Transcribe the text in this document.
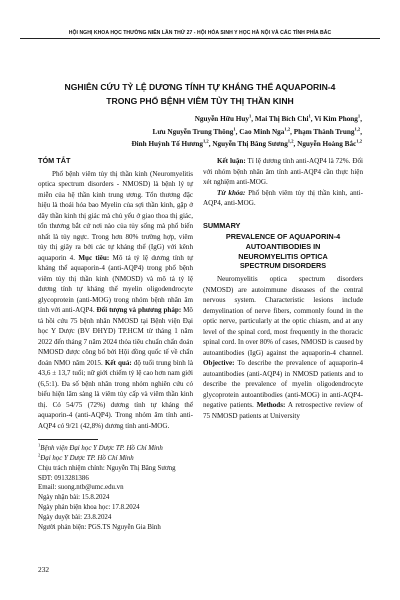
HỘI NGHỊ KHOA HỌC THƯỜNG NIÊN LẦN THỨ 27 - HỘI HÓA SINH Y HỌC HÀ NỘI VÀ CÁC TỈNH PHÍA BẮC
NGHIÊN CỨU TỶ LỆ DƯƠNG TÍNH TỰ KHÁNG THỂ AQUAPORIN-4
TRONG PHỔ BỆNH VIÊM TỦY THỊ THẦN KINH
Nguyễn Hữu Huy$^1$, Mai Thị Bích Chi$^1$, Vi Kim Phong$^1$,
Lưu Nguyễn Trung Thông$^1$, Cao Minh Nga$^{1,2}$, Phạm Thành Trung$^{1,2}$,
Đinh Huỳnh Tố Hương$^{1,2}$, Nguyễn Thị Băng Sương$^{1,2}$, Nguyễn Hoàng Bắc$^{1,2}$
TÓM TẮT

Phổ bệnh viêm tủy thị thần kinh (Neuromyelitis optica spectrum disorders - NMOSD) là bệnh lý tự miễn của hệ thần kinh trung ương. Tổn thương đặc hiệu là thoái hóa bao Myelin của sợi thần kinh, gặp ở dây thần kinh thị giác mà chủ yếu ở giao thoa thị giác, tổn thương bắt cứ nơi nào của tủy sống mà phổ biến nhất là tủy ngực. Trong hơn 80% trường hợp, viêm tủy thị giây ra bởi các tự kháng thể (IgG) với kênh aquaporin 4. Mục tiêu: Mô tả tỷ lệ dương tính tự kháng thể aquaporin-4 (anti-AQP4) trong phổ bệnh viêm tủy thị thần kinh (NMOSD) và mô tả tỷ lệ dương tính tự kháng thể myelin oligodendrocyte glycoprotein (anti-MOG) trong nhóm bệnh nhân âm tính với anti-AQP4. Đối tượng và phương pháp: Mô tả hồi cứu 75 bệnh nhân NMOSD tại Bệnh viện Đại học Y Dược (BV ĐHYD) TP.HCM từ tháng 1 năm 2022 đến tháng 7 năm 2024 thỏa tiêu chuẩn chẩn đoán NMOSD được công bố bởi Hội đồng quốc tế về chẩn đoán NMO năm 2015. Kết quả: độ tuổi trung bình là 43,6 ± 13,7 tuổi; nữ giới chiếm tỷ lệ cao hơn nam giới (6,5:1). Đa số bệnh nhân trong nhóm nghiên cứu có biểu hiện lâm sàng là viêm tủy cấp và viêm thần kinh thị. Có 54/75 (72%) dương tính tự kháng thể aquaporin-4 (anti-AQP4). Trong nhóm âm tính anti-AQP4 có 9/21 (42,8%) dương tính anti-MOG.

$^1$Bệnh viện Đại học Y Dược TP. Hồ Chí Minh
$^2$Đại học Y Dược TP. Hồ Chí Minh
Chịu trách nhiệm chính: Nguyễn Thị Băng Sương
SĐT: 0913281386
Email: suong.ntb@umc.edu.vn
Ngày nhận bài: 15.8.2024
Ngày phản biện khoa học: 17.8.2024
Ngày duyệt bài: 23.8.2024
Người phản biện: PGS.TS Nguyễn Gia Bình

Kết luận: Tỉ lệ dương tính anti-AQP4 là 72%. Đối với nhóm bệnh nhân âm tính anti-AQP4 cần thực hiện xét nghiệm anti-MOG.

Từ khóa: Phổ bệnh viêm tủy thị thần kinh, anti-AQP4, anti-MOG.

SUMMARY
PREVALENCE OF AQUAPORIN-4
AUTOANTIBODIES IN
NEUROMYELITIS OPTICA
SPECTRUM DISORDERS

Neuromyelitis optica spectrum disorders (NMOSD) are autoimmune diseases of the central nervous system. Characteristic lesions include demyelination of nerve fibers, commonly found in the optic nerve, particularly at the optic chiasm, and at any level of the spinal cord, most frequently in the thoracic spinal cord. In over 80% of cases, NMOSD is caused by autoantibodies (IgG) against the aquaporin-4 channel. Objective: To describe the prevalence of aquaporin-4 autoantibodies (anti-AQP4) in NMOSD patients and to describe the prevalence of myelin oligodendrocyte glycoprotein autoantibodies (anti-MOG) in anti-AQP4-negative patients. Methods: A retrospective review of 75 NMOSD patients at University

232
